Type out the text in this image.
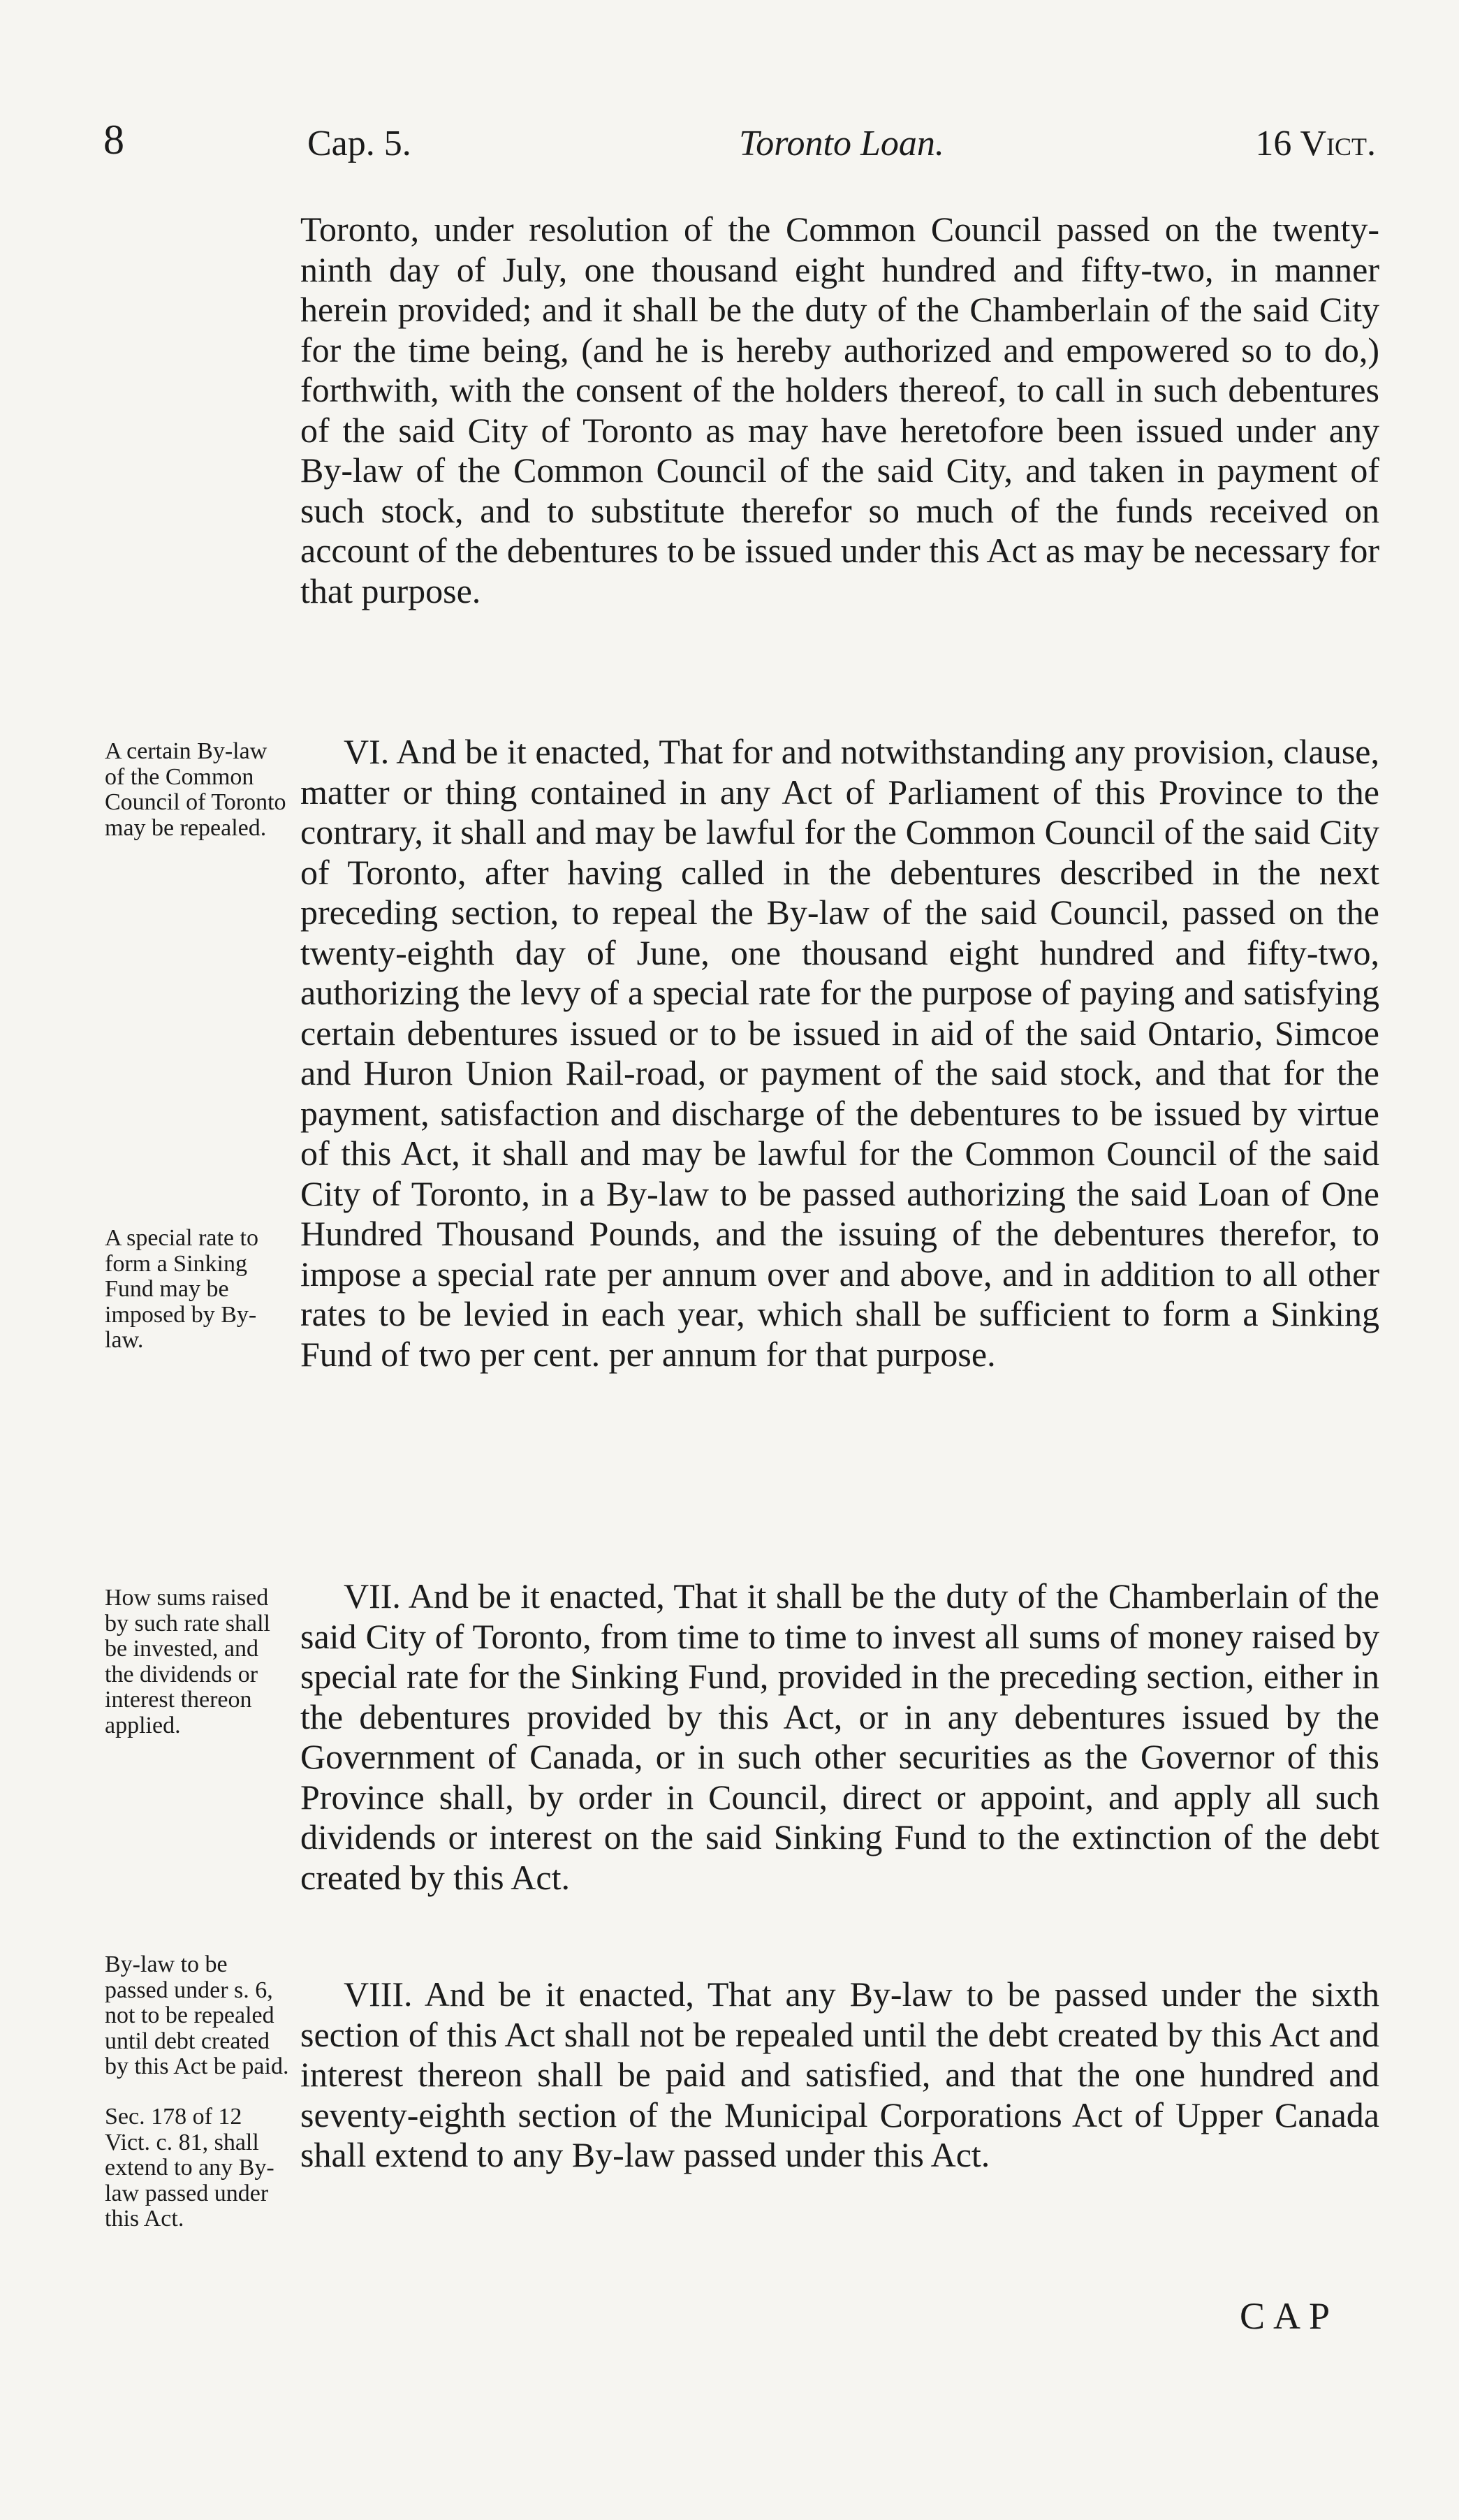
8	Cap. 5.	Toronto Loan.	16 Vict.

Toronto, under resolution of the Common Council passed on the twenty-ninth day of July, one thousand eight hundred and fifty-two, in manner herein provided; and it shall be the duty of the Chamberlain of the said City for the time being, (and he is hereby authorized and empowered so to do,) forthwith, with the consent of the holders thereof, to call in such debentures of the said City of Toronto as may have heretofore been issued under any By-law of the Common Council of the said City, and taken in payment of such stock, and to substitute therefor so much of the funds received on account of the debentures to be issued under this Act as may be necessary for that purpose.

VI. And be it enacted, That for and notwithstanding any provision, clause, matter or thing contained in any Act of Parliament of this Province to the contrary, it shall and may be lawful for the Common Council of the said City of Toronto, after having called in the debentures described in the next preceding section, to repeal the By-law of the said Council, passed on the twenty-eighth day of June, one thousand eight hundred and fifty-two, authorizing the levy of a special rate for the purpose of paying and satisfying certain debentures issued or to be issued in aid of the said Ontario, Simcoe and Huron Union Rail-road, or payment of the said stock, and that for the payment, satisfaction and discharge of the debentures to be issued by virtue of this Act, it shall and may be lawful for the Common Council of the said City of Toronto, in a By-law to be passed authorizing the said Loan of One Hundred Thousand Pounds, and the issuing of the debentures therefor, to impose a special rate per annum over and above, and in addition to all other rates to be levied in each year, which shall be sufficient to form a Sinking Fund of two per cent. per annum for that purpose.

VII. And be it enacted, That it shall be the duty of the Chamberlain of the said City of Toronto, from time to time to invest all sums of money raised by special rate for the Sinking Fund, provided in the preceding section, either in the debentures provided by this Act, or in any debentures issued by the Government of Canada, or in such other securities as the Governor of this Province shall, by order in Council, direct or appoint, and apply all such dividends or interest on the said Sinking Fund to the extinction of the debt created by this Act.

VIII. And be it enacted, That any By-law to be passed under the sixth section of this Act shall not be repealed until the debt created by this Act and interest thereon shall be paid and satisfied, and that the one hundred and seventy-eighth section of the Municipal Corporations Act of Upper Canada shall extend to any By-law passed under this Act.

A certain By-law of the Common Council of Toronto may be repealed.

A special rate to form a Sinking Fund may be imposed by By-law.

How sums raised by such rate shall be invested, and the dividends or interest thereon applied.

By-law to be passed under s. 6, not to be repealed until debt created by this Act be paid.

Sec. 178 of 12 Vict. c. 81, shall extend to any By-law passed under this Act.

CAP
